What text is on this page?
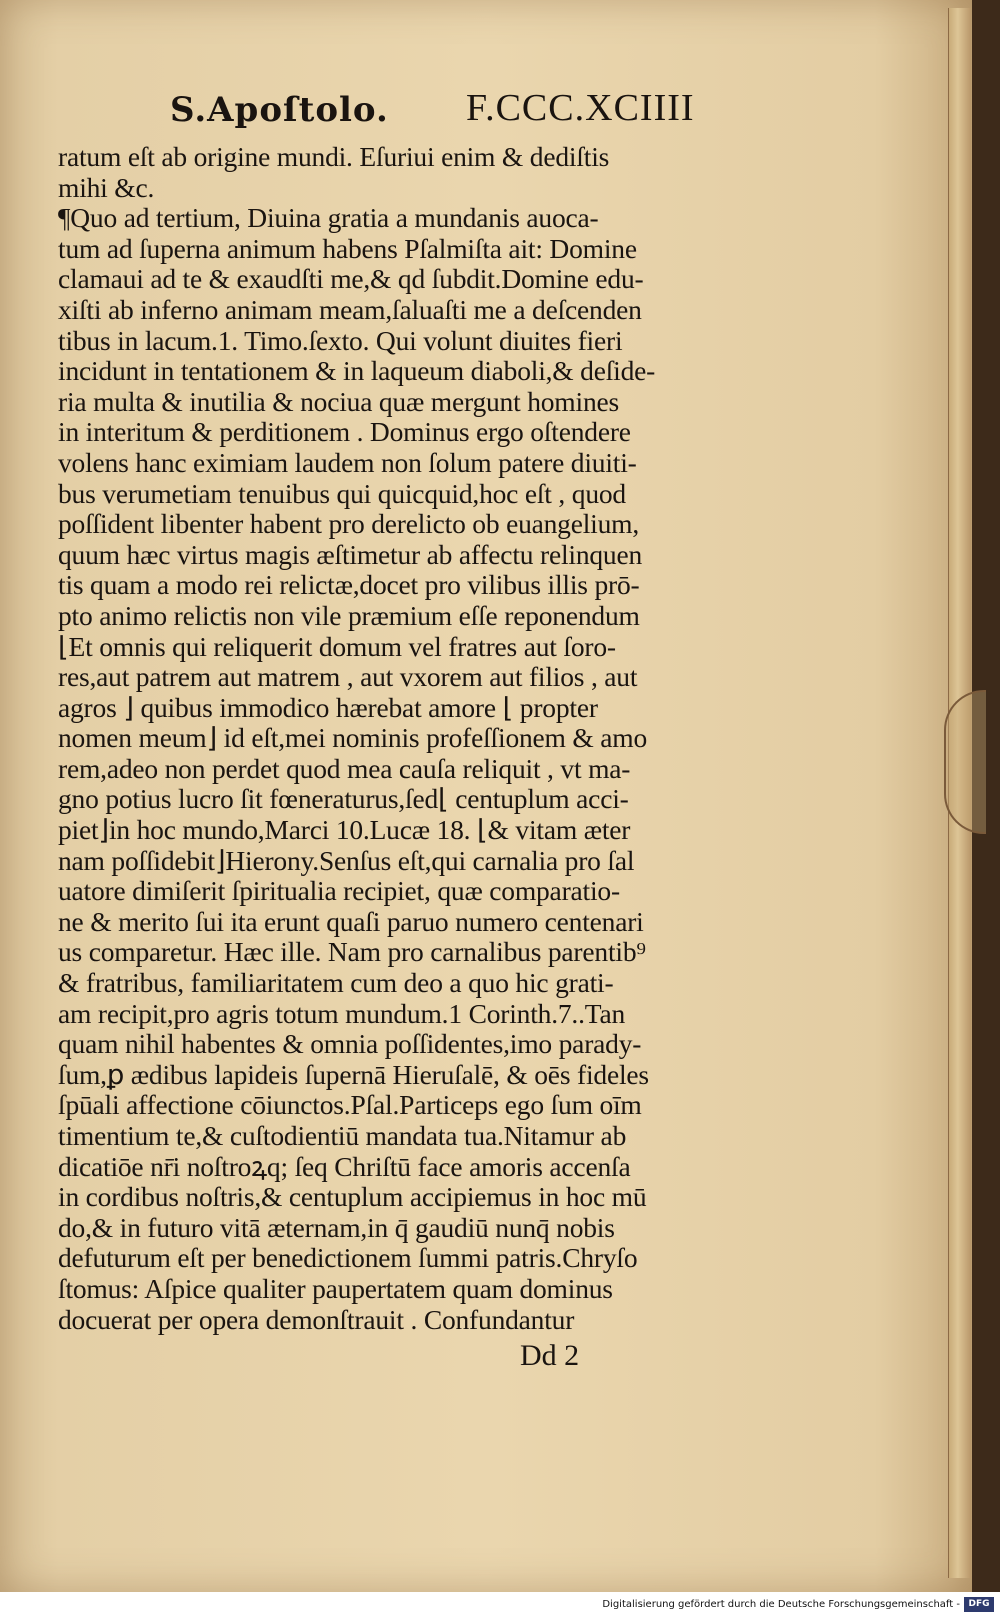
S.Apoſtolo. F.CCC.XCIIII
ratum eſt ab origine mundi. Eſuriui enim & dediſtis
mihi &c.
¶Quo ad tertium, Diuina gratia a mundanis auoca-
tum ad ſuperna animum habens Pſalmiſta ait: Domine
clamaui ad te & exaudſti me,& qd ſubdit.Domine edu-
xiſti ab inferno animam meam,ſaluaſti me a deſcenden
tibus in lacum.1. Timo.ſexto. Qui volunt diuites fieri
incidunt in tentationem & in laqueum diaboli,& deſide-
ria multa & inutilia & nociua quæ mergunt homines
in interitum & perditionem . Dominus ergo oſtendere
volens hanc eximiam laudem non ſolum patere diuiti-
bus verumetiam tenuibus qui quicquid,hoc eſt , quod
poſſident libenter habent pro derelicto ob euangelium,
quum hæc virtus magis æſtimetur ab affectu relinquen
tis quam a modo rei relictæ,docet pro vilibus illis prō-
pto animo relictis non vile præmium eſſe reponendum
⌊Et omnis qui reliquerit domum vel fratres aut ſoro-
res,aut patrem aut matrem , aut vxorem aut filios , aut
agros ⌋ quibus immodico hærebat amore ⌊ propter
nomen meum⌋ id eſt,mei nominis profeſſionem & amo
rem,adeo non perdet quod mea cauſa reliquit , vt ma-
gno potius lucro ſit fœneraturus,ſed⌊ centuplum acci-
piet⌋in hoc mundo,Marci 10.Lucæ 18. ⌊& vitam æter
nam poſſidebit⌋Hierony.Senſus eſt,qui carnalia pro ſal
uatore dimiſerit ſpiritualia recipiet, quæ comparatio-
ne & merito ſui ita erunt quaſi paruo numero centenari
us comparetur. Hæc ille. Nam pro carnalibus parentib⁹
& fratribus, familiaritatem cum deo a quo hic grati-
am recipit,pro agris totum mundum.1 Corinth.7..Tan
quam nihil habentes & omnia poſſidentes,imo parady-
ſum,ꝑ ædibus lapideis ſupernā Hieruſalē, & oēs fideles
ſpūali affectione cōiunctos.Pſal.Particeps ego ſum oīm
timentium te,& cuſtodientiū mandata tua.Nitamur ab
dicatiōe nr̄i noſtroꝝq; ſeq Chriſtū face amoris accenſa
in cordibus noſtris,& centuplum accipiemus in hoc mū
do,& in futuro vitā æternam,in q̄ gaudiū nunq̄ nobis
defuturum eſt per benedictionem ſummi patris.Chryſo
ſtomus: Aſpice qualiter paupertatem quam dominus
docuerat per opera demonſtrauit . Confundantur
Dd 2
Digitalisierung gefördert durch die Deutsche Forschungsgemeinschaft - DFG
